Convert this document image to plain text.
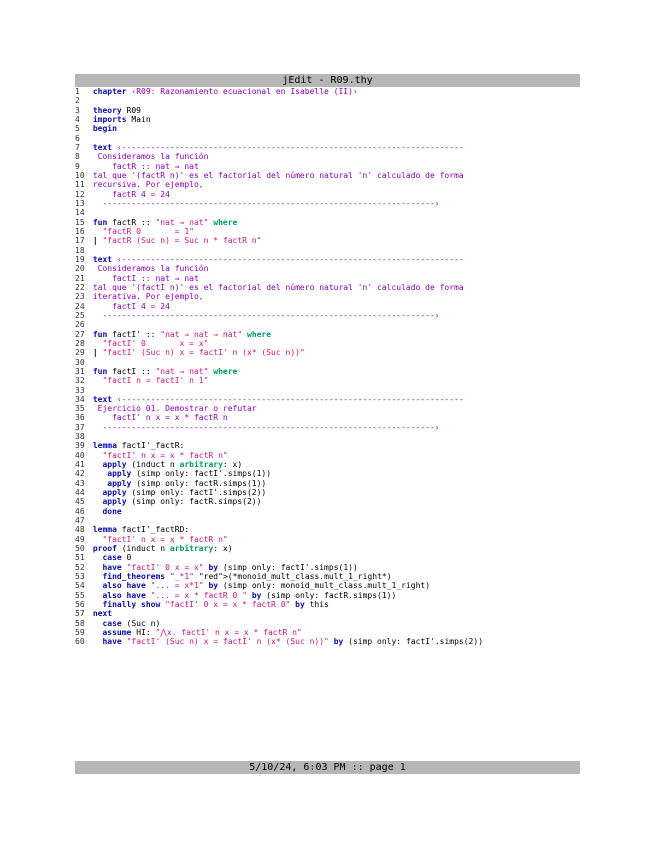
jEdit - R09.thy
1 chapter ‹R09: Razonamiento ecuacional en Isabelle (II)›
2
3 theory R09
4 imports Main
5 begin
6
7 text ‹-----------------------------------------------------------------------
8  Consideramos la función
9     factR :: nat ⇒ nat
10 tal que '(factR n)' es el factorial del número natural 'n' calculado de forma
11 recursiva. Por ejemplo,
12     factR 4 = 24
13   ---------------------------------------------------------------------›
14
15 fun factR :: "nat ⇒ nat" where
16 "factR 0       = 1"
17 | "factR (Suc n) = Suc n * factR n"
18
19 text ‹-----------------------------------------------------------------------
20  Consideramos la función
21     factI :: nat ⇒ nat
22 tal que '(factI n)' es el factorial del número natural 'n' calculado de forma
23 iterativa. Por ejemplo,
24     factI 4 = 24
25   ---------------------------------------------------------------------›
26
27 fun factI' :: "nat ⇒ nat ⇒ nat" where
28 "factI' 0       x = x"
29 | "factI' (Suc n) x = factI' n (x* (Suc n))"
30
31 fun factI :: "nat ⇒ nat" where
32 "factI n = factI' n 1"
33
34 text ‹-----------------------------------------------------------------------
35  Ejercicio 01. Demostrar o refutar
36     factI' n x = x * factR n
37   ---------------------------------------------------------------------›
38
39 lemma factI'_factR:
40 "factI' n x = x * factR n"
41 apply (induct n arbitrary: x)
42	apply (simp only: factI'.simps(1))
43	apply (simp only: factR.simps(1))
44 apply (simp only: factI'.simps(2))
45 apply (simp only: factR.simps(2))
46 done
47
48 lemma factI'_factRD:
49 "factI' n x = x * factR n"
50 proof (induct n arbitrary: x)
51 case 0
52 have "factI' 0 x = x" by (simp only: factI'.simps(1))
53 find_theorems "_*1" "red">(*monoid_mult_class.mult_1_right*)
54 also have "... = x*1" by (simp only: monoid_mult_class.mult_1_right)
55 also have "... = x * factR 0 " by (simp only: factR.simps(1))
56 finally show "factI' 0 x = x * factR 0" by this
57 next
58 case (Suc n)
59 assume HI: "⋀x. factI' n x = x * factR n"
60 have "factI' (Suc n) x = factI' n (x* (Suc n))" by (simp only: factI'.simps(2))
5/10/24, 6:03 PM :: page 1
